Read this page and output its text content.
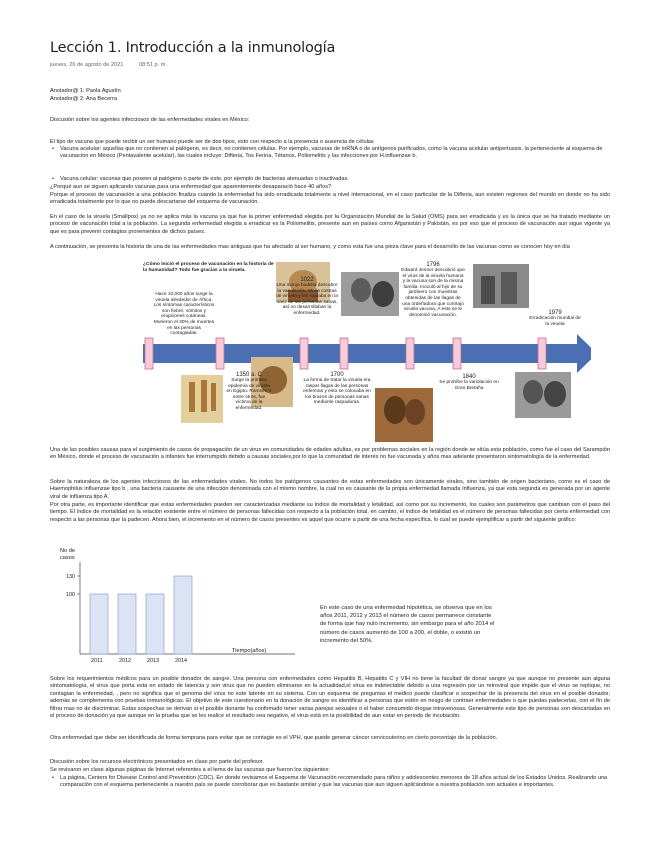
Lección 1. Introducción a la inmunología
jueves, 26 de agosto de 2021	08:51 p. m.
Anotador@ 1: Paola Agustín
Anotador@ 2: Ana Becerra
Discusión sobre los agentes infecciosos de las enfermedades virales en México:
El tipo de vacuna que puede recibir un ser humano puede ser de dos tipos, esto con respecto a la presencia o ausencia de células
• Vacuna acelular: aquellas que no contienen al patógeno, es decir, no contienen células. Por ejemplo, vacunas de mRNA o de antígenos purificados, como la vacuna acelular antipertussis, la perteneciente al esquema de vacunación en México (Pentavalente acelular), las cuales incluye: Difteria, Tos Ferina, Tétanos, Poliomelitis y las infecciones por H.influenzae b.
• Vacuna celular: vacunas que poseen al patógeno o parte de este, por ejemplo de bacterias atenuadas o inactivadas.
¿Porqué aun se siguen aplicando vacunas para una enfermedad que aparentemente desaparació hace 40 años?
Porque el proceso de vacunación a una población finaliza cuando la enfermedad ha sido erradicada totalmente a nivel internacional, en el caso particular de la Difteria, aun existen regiones del mundo en donde no ha sido erradicada totalmente por lo que no puede descartarse del esquema de vacunación.
En el caso de la viruela (Smallpox) ya no se aplica más la vacuna ya que fue la primer enfermedad elegida por la Organización Mundial de la Salud (OMS) para ser erradicada y es la única que se ha tratado mediante un proceso de vacunación total a la población. La segunda enfermedad elegida a erradicar es la Poliomelitis, presente aun en países como Afganistán y Pakistán, es por eso que el proceso de vacunación aun sigue vigente ya que es para prevenir contagios provenientes de dichos países.
A continuación, se presenta la historia de una de las enfermedades mas antiguas que ha afectado al ser humano, y como esta fue una pieza clave para el desarrollo de las vacunas como se conocen hoy en día
¿Cómo inició el proceso de vacunación en la historia de la humanidad? Todo fue gracias a la viruela.
Hace 10,000 años surge la viruela alrededor de África. Los síntomas característicos son fiebre, vómitos y erupciones cutáneas. Murieron el 30% de muertes en las personas contagiadas.
1022
Una monja budista descubre la variolación. Molía costras de viruela y las soplaba en la nariz de las personas sanas, así no desarrollaban la enfermedad.
1796
Edward Jenner descubrió que el virus de la viruela humana y la vacuna son de la misma familia. Inoculó al hijo de su jardinero con muestras obtenidas de las llagas de una ordeñadora que contrajo viruela vacuna. A esto se le denominó vacunación.	1979
Erradicación mundial de la viruela
1350 a. C
Surge la primera epidemia de viruela en Egipto. Ramsés V entre otros, fue víctima de la enfermedad.
1700
La forma de tratar la viruela era raspar llagas de las personas enfermas y esto se colocaba en los brazos de personas sanas mediante raspaduras.
1840
Se prohíbe la variolación en Gran Bretaña
Una de las posibles causas para el surgimiento de casos de propagación de un virus en comunidades de edades adultas, es por problemas sociales en la región donde se sitúa esta población, como fue el caso del Sarampión en México, donde el proceso de vacunación a infantes fue interrumpido debido a causas sociales,por lo que la comunidad de interés no fue vacunada y años mas adelante presentaron sintomatología de la enfermedad.
Sobre la naturaleza de los agentes infecciosos de las enfermedades virales. No todos los patógenos causantes de estas enfermedades son únicamente virales, sino también de origen bacteriano, como es el caso de Haemophilus influenzae tipo b , una bacteria causante de una infección denominada con el mismo nombre, la cual no es causante de la propia enfermedad llamada Influenza, ya que esta segunda es generada por un agente viral de influenza tipo A.
Por otra parte, es importante identificar que estas enfermedades pueden ser caracterizadas mediante su índice de mortalidad y letalidad, así como por su incremento, los cuales son parámetros que cambian con el paso del tiempo. El índice de mortalidad es la relación existente entre el número de personas fallecidas con respecto a la población total, en cambio, el índice de letalidad es el número de personas fallecidas por cierta enfermedad con respecto a las personas que la padecen. Ahora bien, el incremento en el número de casos presentes es aquel que ocurre a partir de una fecha específica, lo cual se puede ejemplificar a partir del siguiente gráfico:
No de
casos
100
130
2011	2012	2013	2014
Tiempo(años)
En este caso de una enfermedad hipotética, se observa que en los años 2011, 2012 y 2013 el número de casos permanece constante de forma que hay nulo incremento, sin embargo para el año 2014 el número de casos aumentó de 100 a 200, el doble, o existió un incremento del 50%.
Sobre los requerimientos médicos para un posible donador de sangre. Una persona con enfermedades como Hepatitis B, Hepatitis C y VIH no tiene la facultad de donar sangre ya que aunque no presente aun alguna sintomatología, el virus que porta esta en estado de latencia y son virus que no pueden eliminarse en la actualidad,el virus es indetectable debido a una regresión por un retroviral que impide que el virus se replique, no contagian la enfermedad, , pero no significa que el genoma del virus no este latente en su sistema. Con un esquema de preguntas el medico puede clasificar o sospechar de la presencia del virus en el posible donador, además se complementa con pruebas inmunológicas. El objetivo de este cuestionario en la donación de sangre es identificar a personas que estén en riesgo de contraer enfermedades o que puedas padecerlas, con el fin de filtrar mas no de discriminar. Estas sospechas se derivan si el posible donante ha confirmado tener varias parejas sexuales o el haber consumido drogas intravenosas. Generalmente este tipo de personas son descartadas en el proceso de donación ya que aunque en la prueba que se les realice el resultado sea negativo, el virus está en la posibilidad de aun estar en periodo de incubación.
Otra enfermedad que debe ser identificada de forma temprana para evitar que se contagie es el VPH, que puede generar cáncer cervicouterino en cierto porcentaje de la población.
Discusión sobre los recursos electrónicos presentados en clase por parte del profesor.
Se revisaron en clase algunas páginas de Internet referentes a el tema de las vacunas que fueron los siguientes:
• La página, Centers for Disease Control and Prevention (CDC). En donde revisamos el Esquema de Vacunación recomendado para niños y adolescentes menores de 18 años actual de los Estados Unidos. Realizando una comparación con el esquema perteneciente a nuestro país se puede corroborar que es bastante similar y que las vacunas que aun siguen aplicándose a nuestra población son actuales e importantes.
